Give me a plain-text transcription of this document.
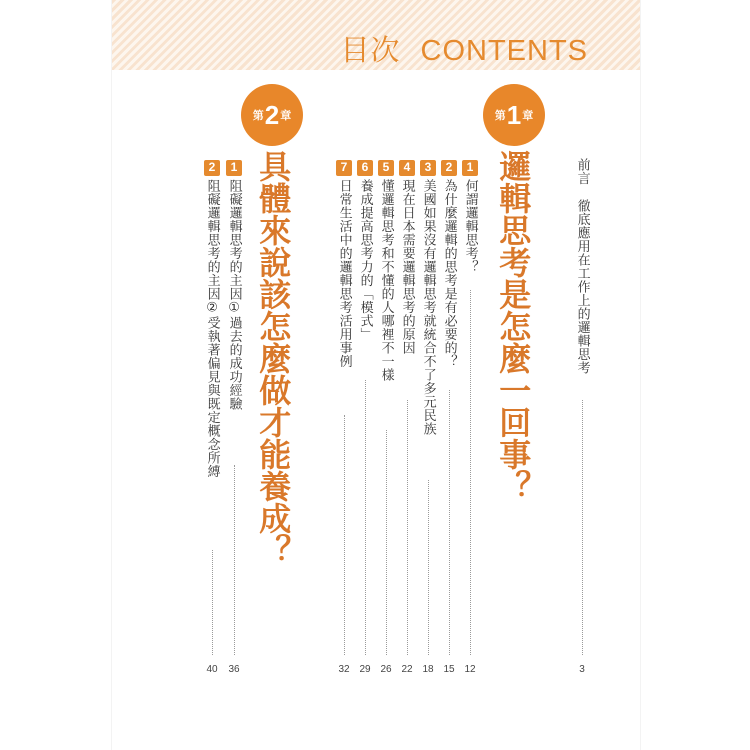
目次 CONTENTS
前言
徹底應用在工作上的邏輯思考
3
第 1 章
邏輯思考是怎麼一回事？
1
何謂邏輯思考？
12
2
為什麼邏輯的思考是有必要的？
15
3
美國如果沒有邏輯思考就統合不了多元民族
18
4
現在日本需要邏輯思考的原因
22
5
懂邏輯思考和不懂的人哪裡不一樣
26
6
養成提高思考力的「模式」
29
7
日常生活中的邏輯思考活用事例
32
第 2 章
具體來說該怎麼做才能養成？
1
阻礙邏輯思考的主因①過去的成功經驗
36
2
阻礙邏輯思考的主因②受執著偏見與既定概念所縛
40
